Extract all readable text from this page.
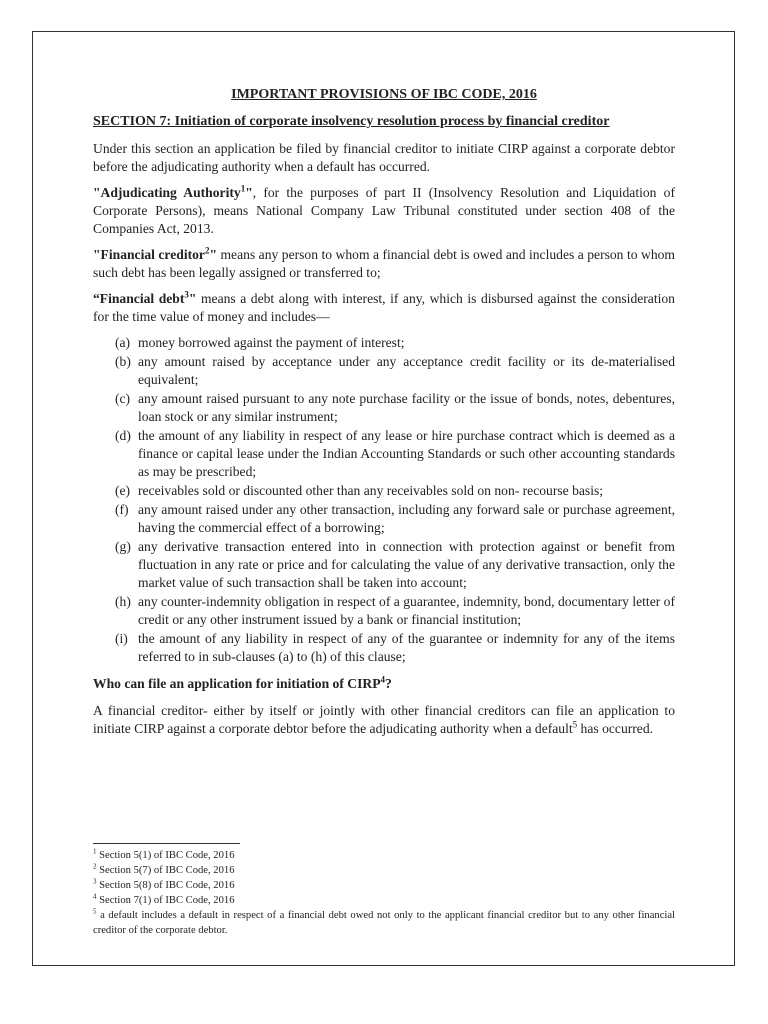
IMPORTANT PROVISIONS OF IBC CODE, 2016
SECTION 7: Initiation of corporate insolvency resolution process by financial creditor

Under this section an application be filed by financial creditor to initiate CIRP against a corporate debtor before the adjudicating authority when a default has occurred.

"Adjudicating Authority$^1$", for the purposes of part II (Insolvency Resolution and Liquidation of Corporate Persons), means National Company Law Tribunal constituted under section 408 of the Companies Act, 2013.

"Financial creditor$^2$" means any person to whom a financial debt is owed and includes a person to whom such debt has been legally assigned or transferred to;

“Financial debt$^3$" means a debt along with interest, if any, which is disbursed against the consideration for the time value of money and includes—

(a) money borrowed against the payment of interest;
(b) any amount raised by acceptance under any acceptance credit facility or its de-materialised equivalent;
(c) any amount raised pursuant to any note purchase facility or the issue of bonds, notes, debentures, loan stock or any similar instrument;
(d) the amount of any liability in respect of any lease or hire purchase contract which is deemed as a finance or capital lease under the Indian Accounting Standards or such other accounting standards as may be prescribed;
(e) receivables sold or discounted other than any receivables sold on non- recourse basis;
(f) any amount raised under any other transaction, including any forward sale or purchase agreement, having the commercial effect of a borrowing;
(g) any derivative transaction entered into in connection with protection against or benefit from fluctuation in any rate or price and for calculating the value of any derivative transaction, only the market value of such transaction shall be taken into account;
(h) any counter-indemnity obligation in respect of a guarantee, indemnity, bond, documentary letter of credit or any other instrument issued by a bank or financial institution;
(i) the amount of any liability in respect of any of the guarantee or indemnity for any of the items referred to in sub-clauses (a) to (h) of this clause;
Who can file an application for initiation of CIRP$^4$?

A financial creditor- either by itself or jointly with other financial creditors can file an application to initiate CIRP against a corporate debtor before the adjudicating authority when a default$^5$ has occurred.

$^1$ Section 5(1) of IBC Code, 2016
$^2$ Section 5(7) of IBC Code, 2016
$^3$ Section 5(8) of IBC Code, 2016
$^4$ Section 7(1) of IBC Code, 2016
$^5$ a default includes a default in respect of a financial debt owed not only to the applicant financial creditor but to any other financial creditor of the corporate debtor.
